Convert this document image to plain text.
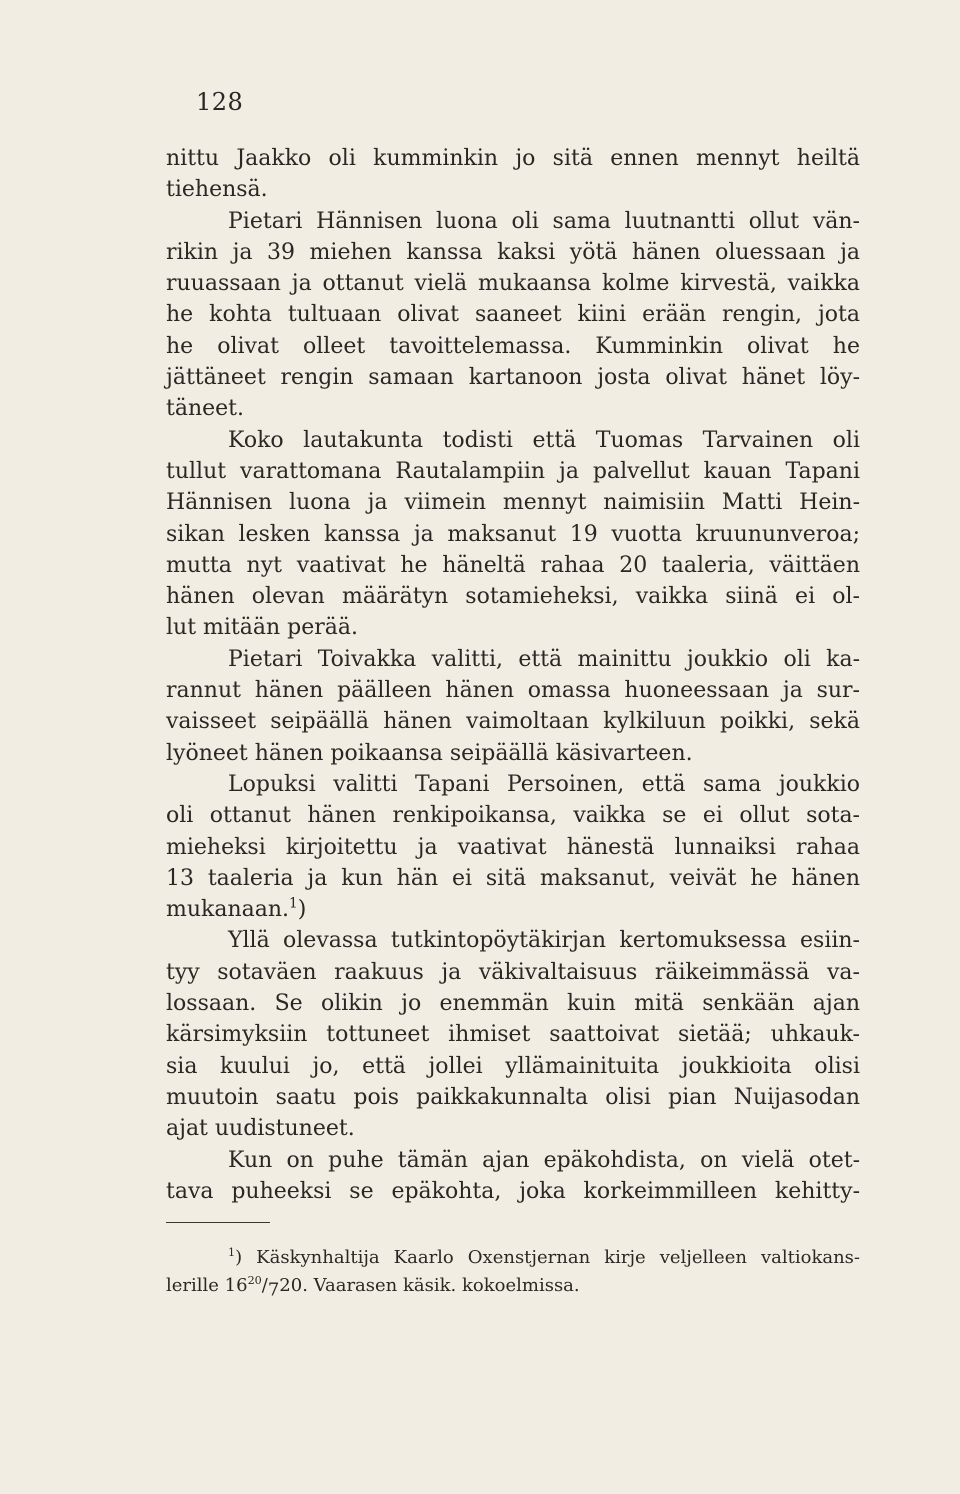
128
nittu Jaakko oli kumminkin jo sitä ennen mennyt heiltä
tiehensä.
Pietari Hännisen luona oli sama luutnantti ollut vän-
rikin ja 39 miehen kanssa kaksi yötä hänen oluessaan ja
ruuassaan ja ottanut vielä mukaansa kolme kirvestä, vaikka
he kohta tultuaan olivat saaneet kiini erään rengin, jota
he olivat olleet tavoittelemassa. Kumminkin olivat he
jättäneet rengin samaan kartanoon josta olivat hänet löy-
täneet.
Koko lautakunta todisti että Tuomas Tarvainen oli
tullut varattomana Rautalampiin ja palvellut kauan Tapani
Hännisen luona ja viimein mennyt naimisiin Matti Hein-
sikan lesken kanssa ja maksanut 19 vuotta kruununveroa;
mutta nyt vaativat he häneltä rahaa 20 taaleria, väittäen
hänen olevan määrätyn sotamieheksi, vaikka siinä ei ol-
lut mitään perää.
Pietari Toivakka valitti, että mainittu joukkio oli ka-
rannut hänen päälleen hänen omassa huoneessaan ja sur-
vaisseet seipäällä hänen vaimoltaan kylkiluun poikki, sekä
lyöneet hänen poikaansa seipäällä käsivarteen.
Lopuksi valitti Tapani Persoinen, että sama joukkio
oli ottanut hänen renkipoikansa, vaikka se ei ollut sota-
mieheksi kirjoitettu ja vaativat hänestä lunnaiksi rahaa
13 taaleria ja kun hän ei sitä maksanut, veivät he hänen
mukanaan.$^1$)
Yllä olevassa tutkintopöytäkirjan kertomuksessa esiin-
tyy sotaväen raakuus ja väkivaltaisuus räikeimmässä va-
lossaan. Se olikin jo enemmän kuin mitä senkään ajan
kärsimyksiin tottuneet ihmiset saattoivat sietää; uhkauk-
sia kuului jo, että jollei yllämainituita joukkioita olisi
muutoin saatu pois paikkakunnalta olisi pian Nuijasodan
ajat uudistuneet.
Kun on puhe tämän ajan epäkohdista, on vielä otet-
tava puheeksi se epäkohta, joka korkeimmilleen kehitty-
$^1$) Käskynhaltija Kaarlo Oxenstjernan kirje veljelleen valtiokans-
lerille $16^{20}/_720$. Vaarasen käsik. kokoelmissa.
